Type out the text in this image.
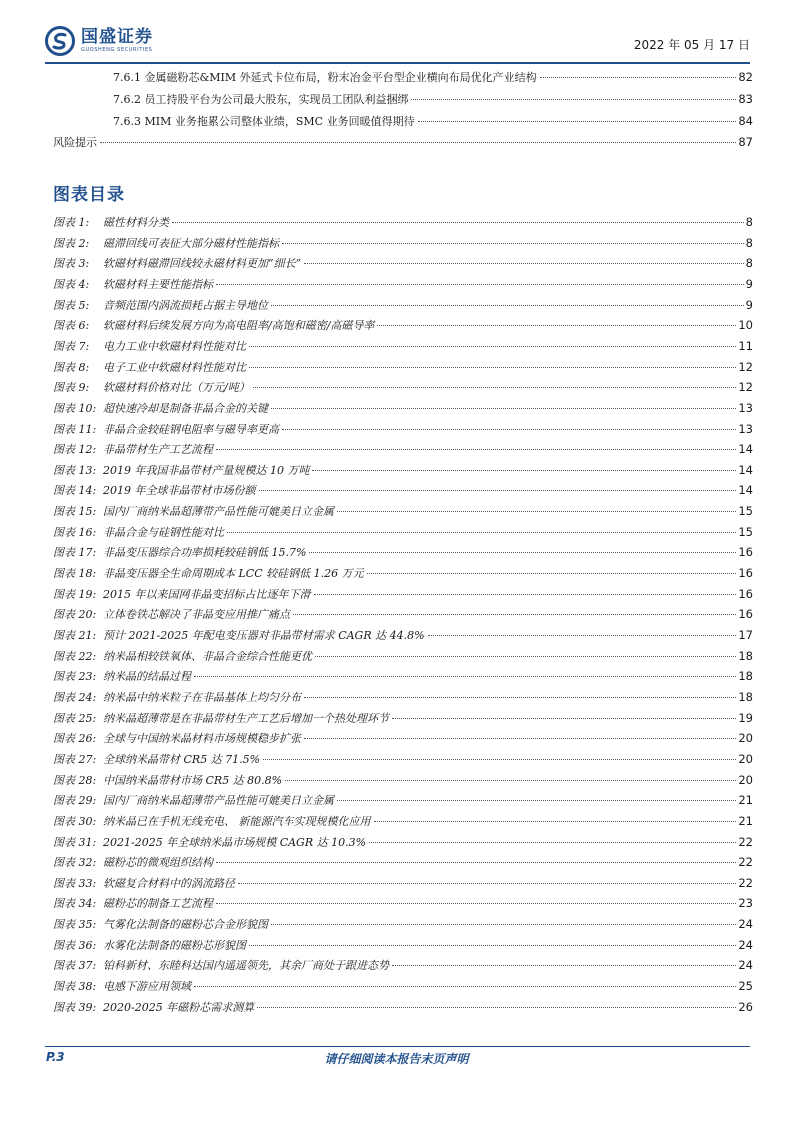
国盛证券
GUOSHENG SECURITIES	2022 年 05 月 17 日
7.6.1 金属磁粉芯&MIM 外延式卡位布局，粉末冶金平台型企业横向布局优化产业结构	82
7.6.2 员工持股平台为公司最大股东，实现员工团队利益捆绑	83
7.6.3 MIM 业务拖累公司整体业绩，SMC 业务回暖值得期待	84
风险提示	87
图表目录
图表 1: 磁性材料分类	8
图表 2: 磁滞回线可表征大部分磁材性能指标	8
图表 3: 软磁材料磁滞回线较永磁材料更加“细长”	8
图表 4: 软磁材料主要性能指标	9
图表 5: 音频范围内涡流损耗占据主导地位	9
图表 6: 软磁材料后续发展方向为高电阻率/高饱和磁密/高磁导率	10
图表 7: 电力工业中软磁材料性能对比	11
图表 8: 电子工业中软磁材料性能对比	12
图表 9: 软磁材料价格对比（万元/吨）	12
图表 10: 超快速冷却是制备非晶合金的关键	13
图表 11: 非晶合金较硅钢电阻率与磁导率更高	13
图表 12: 非晶带材生产工艺流程	14
图表 13: 2019 年我国非晶带材产量规模达 10 万吨	14
图表 14: 2019 年全球非晶带材市场份额	14
图表 15: 国内厂商纳米晶超薄带产品性能可媲美日立金属	15
图表 16: 非晶合金与硅钢性能对比	15
图表 17: 非晶变压器综合功率损耗较硅钢低 15.7%	16
图表 18: 非晶变压器全生命周期成本 LCC 较硅钢低 1.26 万元	16
图表 19: 2015 年以来国网非晶变招标占比逐年下滑	16
图表 20: 立体卷铁芯解决了非晶变应用推广痛点	16
图表 21: 预计 2021-2025 年配电变压器对非晶带材需求 CAGR 达 44.8%	17
图表 22: 纳米晶相较铁氧体、非晶合金综合性能更优	18
图表 23: 纳米晶的结晶过程	18
图表 24: 纳米晶中纳米粒子在非晶基体上均匀分布	18
图表 25: 纳米晶超薄带是在非晶带材生产工艺后增加一个热处理环节	19
图表 26: 全球与中国纳米晶材料市场规模稳步扩张	20
图表 27: 全球纳米晶带材 CR5 达 71.5%	20
图表 28: 中国纳米晶带材市场 CR5 达 80.8%	20
图表 29: 国内厂商纳米晶超薄带产品性能可媲美日立金属	21
图表 30: 纳米晶已在手机无线充电、 新能源汽车实现规模化应用	21
图表 31: 2021-2025 年全球纳米晶市场规模 CAGR 达 10.3%	22
图表 32: 磁粉芯的微观组织结构	22
图表 33: 软磁复合材料中的涡流路径	22
图表 34: 磁粉芯的制备工艺流程	23
图表 35: 气雾化法制备的磁粉芯合金形貌图	24
图表 36: 水雾化法制备的磁粉芯形貌图	24
图表 37: 铂科新材、东睦科达国内遥遥领先，其余厂商处于跟进态势	24
图表 38: 电感下游应用领域	25
图表 39: 2020-2025 年磁粉芯需求测算	26
P.3	请仔细阅读本报告末页声明
